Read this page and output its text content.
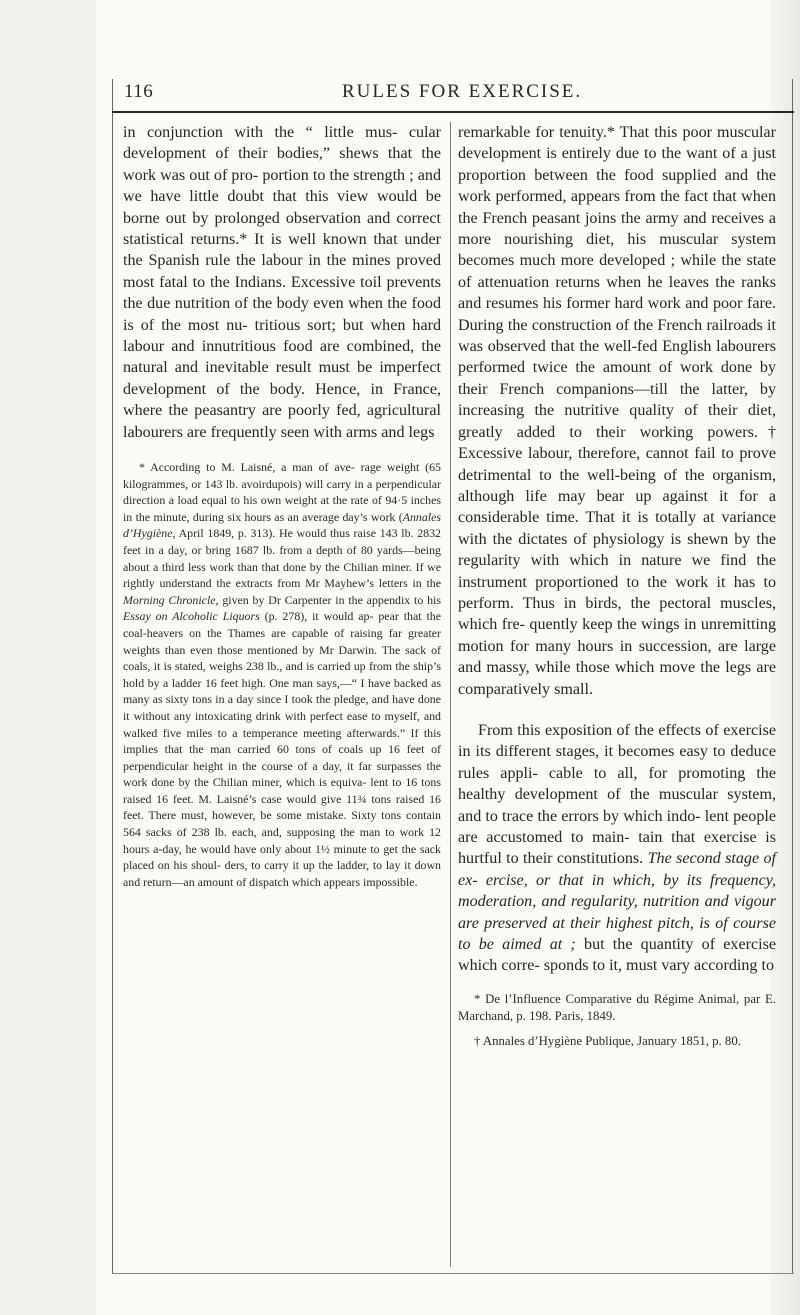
116	RULES FOR EXERCISE.

in conjunction with the “ little mus- cular development of their bodies,” shews that the work was out of pro- portion to the strength ; and we have little doubt that this view would be borne out by prolonged observation and correct statistical returns.* It is well known that under the Spanish rule the labour in the mines proved most fatal to the Indians. Excessive toil prevents the due nutrition of the body even when the food is of the most nu- tritious sort; but when hard labour and innutritious food are combined, the natural and inevitable result must be imperfect development of the body. Hence, in France, where the peasantry are poorly fed, agricultural labourers are frequently seen with arms and legs

* According to M. Laisné, a man of ave- rage weight (65 kilogrammes, or 143 lb. avoirdupois) will carry in a perpendicular direction a load equal to his own weight at the rate of 94·5 inches in the minute, during six hours as an average day’s work (Annales d’Hygiène, April 1849, p. 313). He would thus raise 143 lb. 2832 feet in a day, or bring 1687 lb. from a depth of 80 yards—being about a third less work than that done by the Chilian miner. If we rightly understand the extracts from Mr Mayhew’s letters in the Morning Chronicle, given by Dr Carpenter in the appendix to his Essay on Alcoholic Liquors (p. 278), it would ap- pear that the coal-heavers on the Thames are capable of raising far greater weights than even those mentioned by Mr Darwin. The sack of coals, it is stated, weighs 238 lb., and is carried up from the ship’s hold by a ladder 16 feet high. One man says,—“ I have backed as many as sixty tons in a day since I took the pledge, and have done it without any intoxicating drink with perfect ease to myself, and walked five miles to a temperance meeting afterwards.” If this implies that the man carried 60 tons of coals up 16 feet of perpendicular height in the course of a day, it far surpasses the work done by the Chilian miner, which is equiva- lent to 16 tons raised 16 feet. M. Laisné’s case would give 11¾ tons raised 16 feet. There must, however, be some mistake. Sixty tons contain 564 sacks of 238 lb. each, and, supposing the man to work 12 hours a-day, he would have only about 1½ minute to get the sack placed on his shoul- ders, to carry it up the ladder, to lay it down and return—an amount of dispatch which appears impossible.

remarkable for tenuity.* That this poor muscular development is entirely due to the want of a just proportion between the food supplied and the work performed, appears from the fact that when the French peasant joins the army and receives a more nourishing diet, his muscular system becomes much more developed ; while the state of attenuation returns when he leaves the ranks and resumes his former hard work and poor fare. During the construction of the French railroads it was observed that the well-fed English labourers performed twice the amount of work done by their French companions—till the latter, by increasing the nutritive quality of their diet, greatly added to their working powers.† Excessive labour, therefore, cannot fail to prove detrimental to the well-being of the organism, although life may bear up against it for a considerable time. That it is totally at variance with the dictates of physiology is shewn by the regularity with which in nature we find the instrument proportioned to the work it has to perform. Thus in birds, the pectoral muscles, which fre- quently keep the wings in unremitting motion for many hours in succession, are large and massy, while those which move the legs are comparatively small.

From this exposition of the effects of exercise in its different stages, it becomes easy to deduce rules appli- cable to all, for promoting the healthy development of the muscular system, and to trace the errors by which indo- lent people are accustomed to main- tain that exercise is hurtful to their constitutions. The second stage of ex- ercise, or that in which, by its frequency, moderation, and regularity, nutrition and vigour are preserved at their highest pitch, is of course to be aimed at ; but the quantity of exercise which corre- sponds to it, must vary according to

* De l’Influence Comparative du Régime Animal, par E. Marchand, p. 198. Paris, 1849.

† Annales d’Hygiène Publique, January 1851, p. 80.
